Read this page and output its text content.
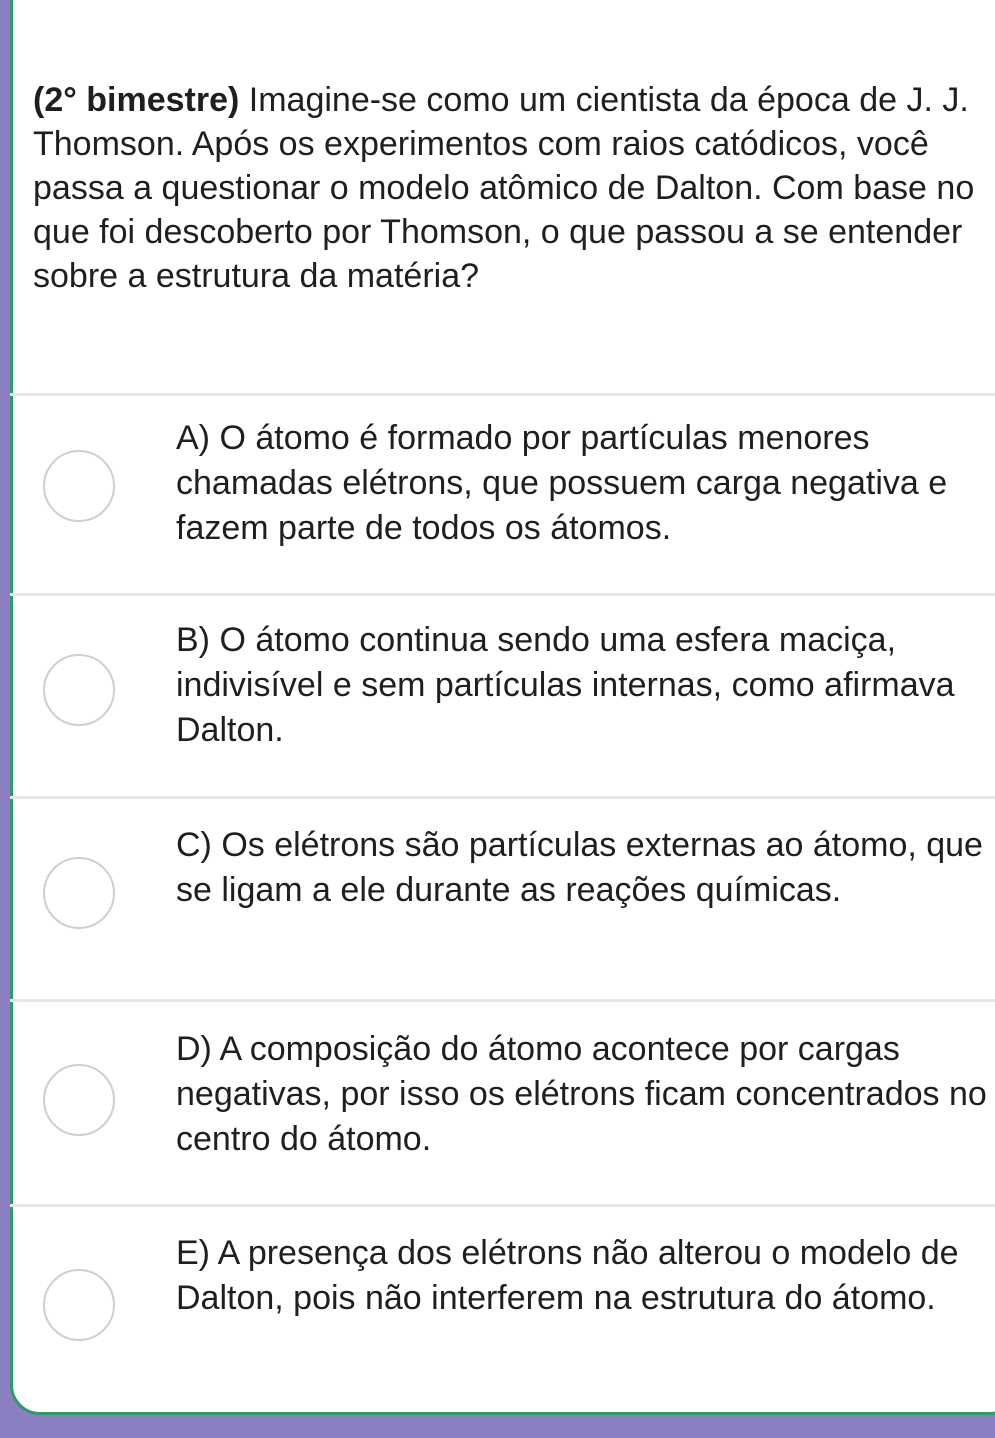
(2° bimestre) Imagine-se como um cientista da época de J. J. Thomson. Após os experimentos com raios catódicos, você passa a questionar o modelo atômico de Dalton. Com base no que foi descoberto por Thomson, o que passou a se entender sobre a estrutura da matéria?

A) O átomo é formado por partículas menores chamadas elétrons, que possuem carga negativa e fazem parte de todos os átomos.
B) O átomo continua sendo uma esfera maciça, indivisível e sem partículas internas, como afirmava Dalton.
C) Os elétrons são partículas externas ao átomo, que se ligam a ele durante as reações químicas.
D) A composição do átomo acontece por cargas negativas, por isso os elétrons ficam concentrados no centro do átomo.
E) A presença dos elétrons não alterou o modelo de Dalton, pois não interferem na estrutura do átomo.
